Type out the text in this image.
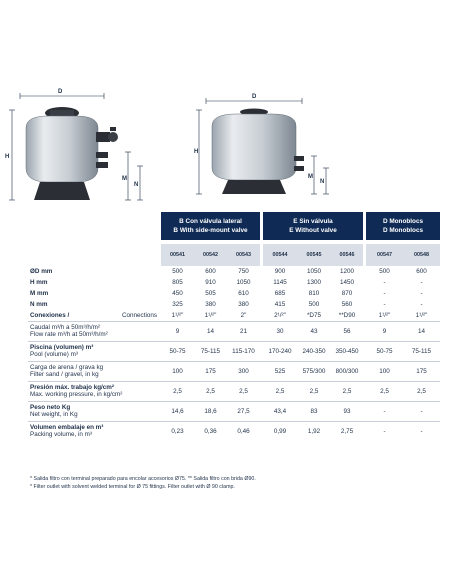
D
H
M
N
D
H
M
N
B Con válvula lateral
B With side-mount valve
E Sin válvula
E Without valve
D Monoblocs
D Monoblocs
	00541	00542	00543		00544	00545	00546		00547	00548
ØD mm	500	600	750		900	1050	1200		500	600
H mm	805	910	1050		1145	1300	1450		-	-
M mm	450	505	610		685	810	870		-	-
N mm	325	380	380		415	500	560		-	-
Conexiones / Connections	1¹/²"	1¹/²"	2"		2¹/²"	*D75	**D90		1¹/²"	1¹/²"

Caudal m³/h a 50m³/h/m²
Flow rate m³/h at 50m³/h/m²	9	14	21		30	43	56		9	14

Piscina (volumen) m³
Pool (volume) m³	50-75	75-115	115-170		170-240	240-350	350-450		50-75	75-115

Carga de arena / grava kg
Filter sand / gravel, in kg	100	175	300		525	575/300	800/300		100	175

Presión máx. trabajo kg/cm²
Max. working pressure, in kg/cm²	2,5	2,5	2,5		2,5	2,5	2,5		2,5	2,5

Peso neto Kg
Net weight, in Kg	14,6	18,6	27,5		43,4	83	93		-	-

Volumen embalaje en m³
Packing volume, in m³	0,23	0,36	0,46		0,99	1,92	2,75		-	-
* Salida filtro con terminal preparado para encolar accesorios Ø75. ** Salida filtro con brida Ø90.
* Filter outlet with solvent welded terminal for Ø 75 fittings. Filter outlet with Ø 90 clamp.
